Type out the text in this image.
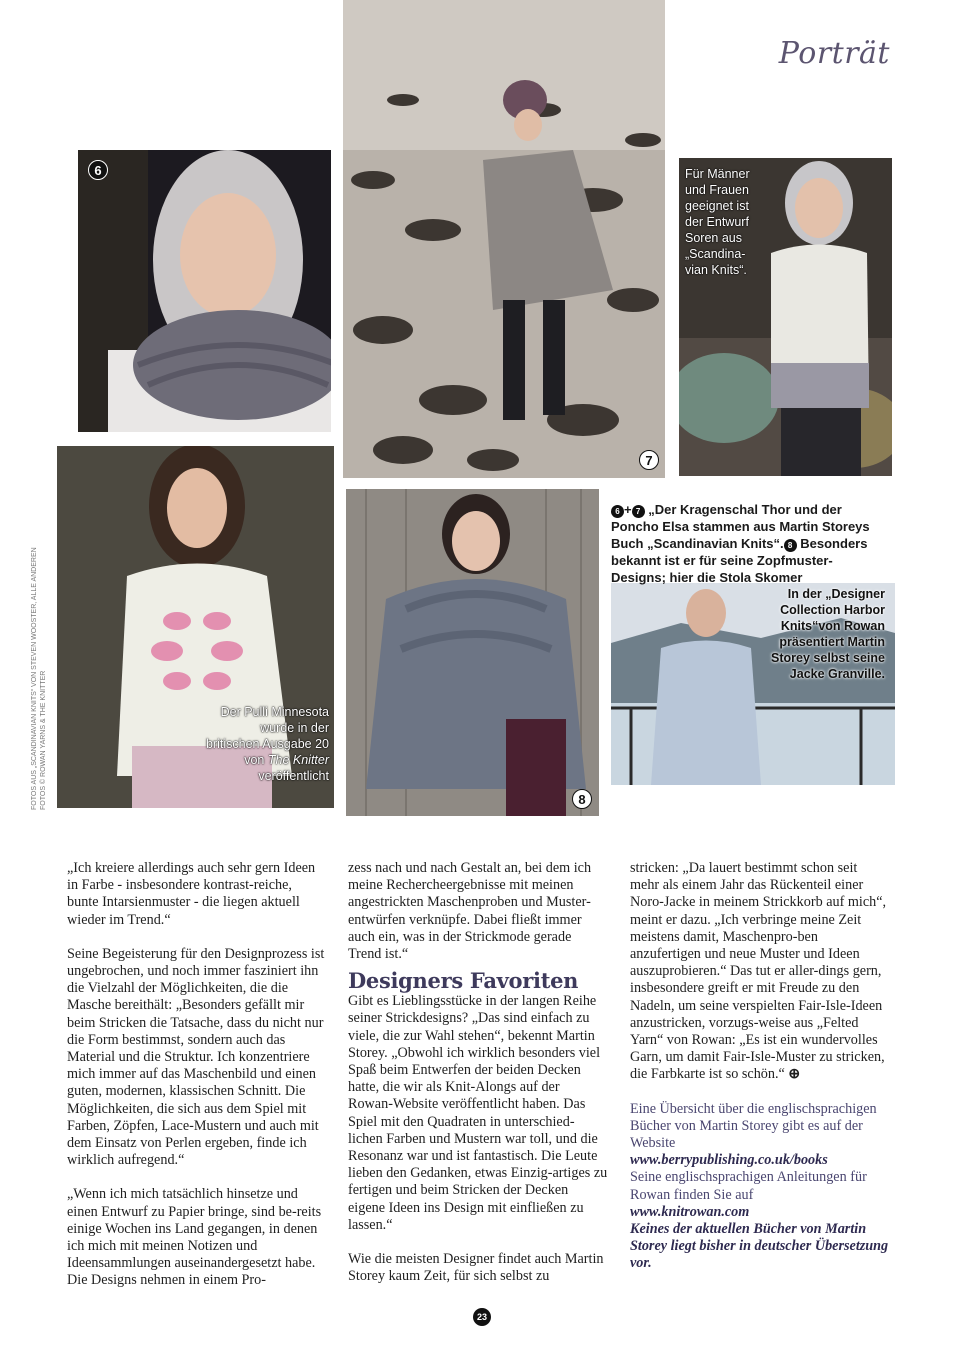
Porträt
6
7
Für Männer und Frauen geeignet ist der Entwurf Soren aus „Scandina-vian Knits“.
Der Pulli Minnesota wurde in der britischen Ausgabe 20 von The Knitter veröffentlicht
8
In der „Designer Collection Harbor Knits“von Rowan präsentiert Martin Storey selbst seine Jacke Granville.
6 + 7 „Der Kragenschal Thor und der Poncho Elsa stammen aus Martin Storeys Buch „Scandinavian Knits“. 8 Besonders bekannt ist er für seine Zopfmuster-Designs; hier die Stola Skomer
FOTOS AUS „SCANDINAVIAN KNITS“ VON STEVEN WOOSTER, ALLE ANDEREN FOTOS © ROWAN YARNS & THE KNITTER

„Ich kreiere allerdings auch sehr gern Ideen in Farbe - insbesondere kontrast-reiche, bunte Intarsienmuster - die liegen aktuell wieder im Trend.“

Seine Begeisterung für den Designprozess ist ungebrochen, und noch immer fasziniert ihn die Vielzahl der Möglichkeiten, die die Masche bereithält: „Besonders gefällt mir beim Stricken die Tatsache, dass du nicht nur die Form bestimmst, sondern auch das Material und die Struktur. Ich konzentriere mich immer auf das Maschenbild und einen guten, modernen, klassischen Schnitt. Die Möglichkeiten, die sich aus dem Spiel mit Farben, Zöpfen, Lace-Mustern und auch mit dem Einsatz von Perlen ergeben, finde ich wirklich aufregend.“

„Wenn ich mich tatsächlich hinsetze und einen Entwurf zu Papier bringe, sind be-reits einige Wochen ins Land gegangen, in denen ich mich mit meinen Notizen und Ideensammlungen auseinandergesetzt habe. Die Designs nehmen in einem Pro-

zess nach und nach Gestalt an, bei dem ich meine Rechercheergebnisse mit meinen angestrickten Maschenproben und Muster-entwürfen verknüpfe. Dabei fließt immer auch ein, was in der Strickmode gerade Trend ist.“

Designers Favoriten

Gibt es Lieblingsstücke in der langen Reihe seiner Strickdesigns? „Das sind einfach zu viele, die zur Wahl stehen“, bekennt Martin Storey. „Obwohl ich wirklich besonders viel Spaß beim Entwerfen der beiden Decken hatte, die wir als Knit-Alongs auf der Rowan-Website veröffentlicht haben. Das Spiel mit den Quadraten in unterschied-lichen Farben und Mustern war toll, und die Resonanz war und ist fantastisch. Die Leute lieben den Gedanken, etwas Einzig-artiges zu fertigen und beim Stricken der Decken eigene Ideen ins Design mit einfließen zu lassen.“

Wie die meisten Designer findet auch Martin Storey kaum Zeit, für sich selbst zu

stricken: „Da lauert bestimmt schon seit mehr als einem Jahr das Rückenteil einer Noro-Jacke in meinem Strickkorb auf mich“, meint er dazu. „Ich verbringe meine Zeit meistens damit, Maschenpro-ben anzufertigen und neue Muster und Ideen auszuprobieren.“ Das tut er aller-dings gern, insbesondere greift er mit Freude zu den Nadeln, um seine verspielten Fair-Isle-Ideen anzustricken, vorzugs-weise aus „Felted Yarn“ von Rowan: „Es ist ein wundervolles Garn, um damit Fair-Isle-Muster zu stricken, die Farbkarte ist so schön.“ ⊕

Eine Übersicht über die englischsprachigen Bücher von Martin Storey gibt es auf der Website
www.berrypublishing.co.uk/books
Seine englischsprachigen Anleitungen für Rowan finden Sie auf
www.knitrowan.com
Keines der aktuellen Bücher von Martin Storey liegt bisher in deutscher Übersetzung vor.
23
